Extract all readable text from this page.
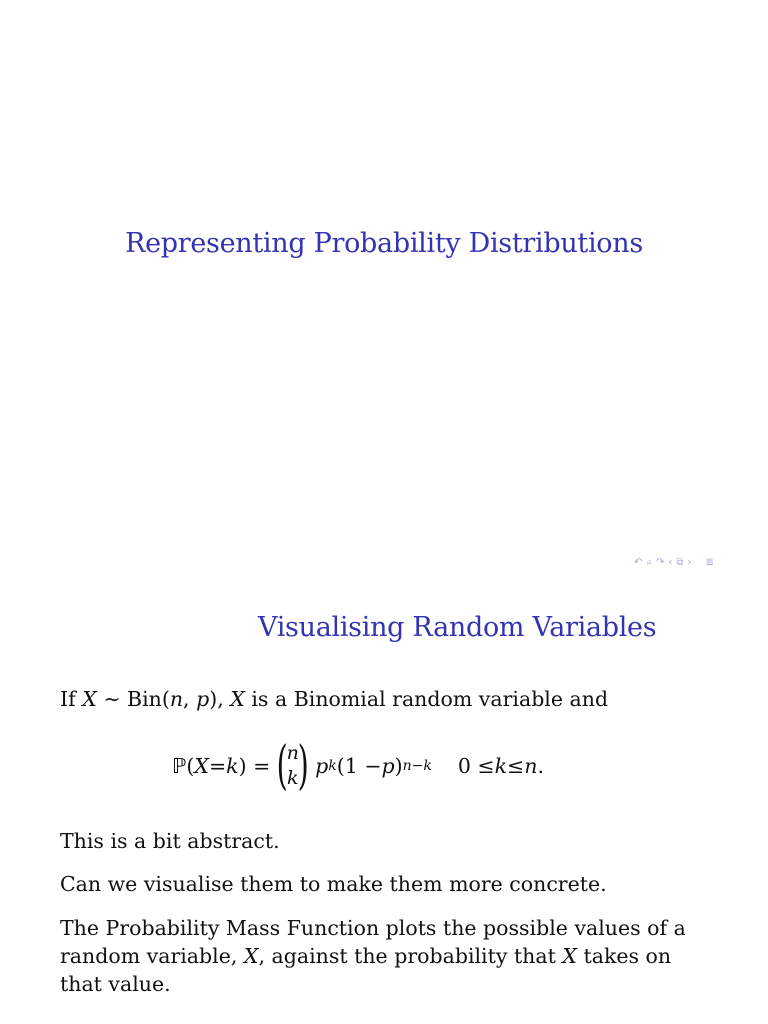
Representing Probability Distributions
↶ ⌕ ↷ ‹ ⧉ › ≣
Visualising Random Variables
If X ∼ Bin(n, p), X is a Binomial random variable and
ℙ ( X = k ) = (
n
k
) p k (1 − p ) n−k 0 ≤ k ≤ n .
This is a bit abstract.
Can we visualise them to make them more concrete.
The Probability Mass Function plots the possible values of a random variable, X, against the probability that X takes on that value.
